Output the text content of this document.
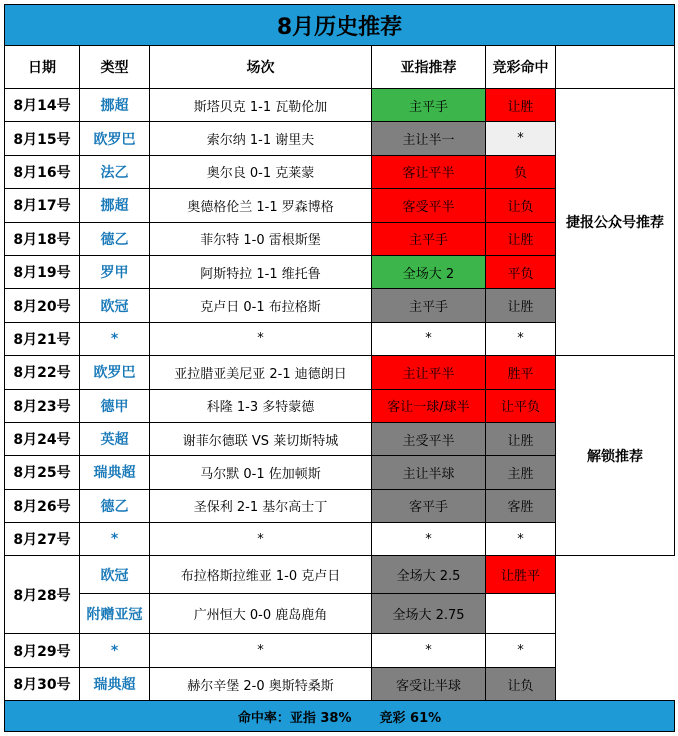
8月历史推荐					
日期	类型	场次	亚指推荐	竞彩命中	
8月14号	挪超	斯塔贝克 1-1 瓦勒伦加	主平手	让胜	捷报公众号推荐
8月15号	欧罗巴	索尔纳 1-1 谢里夫	主让半一	*	
8月16号	法乙	奥尔良 0-1 克莱蒙	客让平半	负	
8月17号	挪超	奥德格伦兰 1-1 罗森博格	客受平半	让负	
8月18号	德乙	菲尔特 1-0 雷根斯堡	主平手	让胜	
8月19号	罗甲	阿斯特拉 1-1 维托鲁	全场大 2	平负	
8月20号	欧冠	克卢日 0-1 布拉格斯	主平手	让胜	
8月21号	*	*	*	*	
8月22号	欧罗巴	亚拉腊亚美尼亚 2-1 迪德朗日	主让平半	胜平	解锁推荐
8月23号	德甲	科隆 1-3 多特蒙德	客让一球/球半	让平负	
8月24号	英超	谢菲尔德联 VS 莱切斯特城	主受平半	让胜	
8月25号	瑞典超	马尔默 0-1 佐加顿斯	主让半球	主胜	
8月26号	德乙	圣保利 2-1 基尔高士丁	客平手	客胜	
8月27号	*	*	*	*	
8月28号	欧冠	布拉格斯拉维亚 1-0 克卢日	全场大 2.5	让胜平	
	附赠亚冠	广州恒大 0-0 鹿岛鹿角	全场大 2.75		
8月29号	*	*	*	*	
8月30号	瑞典超	赫尔辛堡 2-0 奥斯特桑斯	客受让半球	让负	
命中率：亚指 38% 竞彩 61%					
